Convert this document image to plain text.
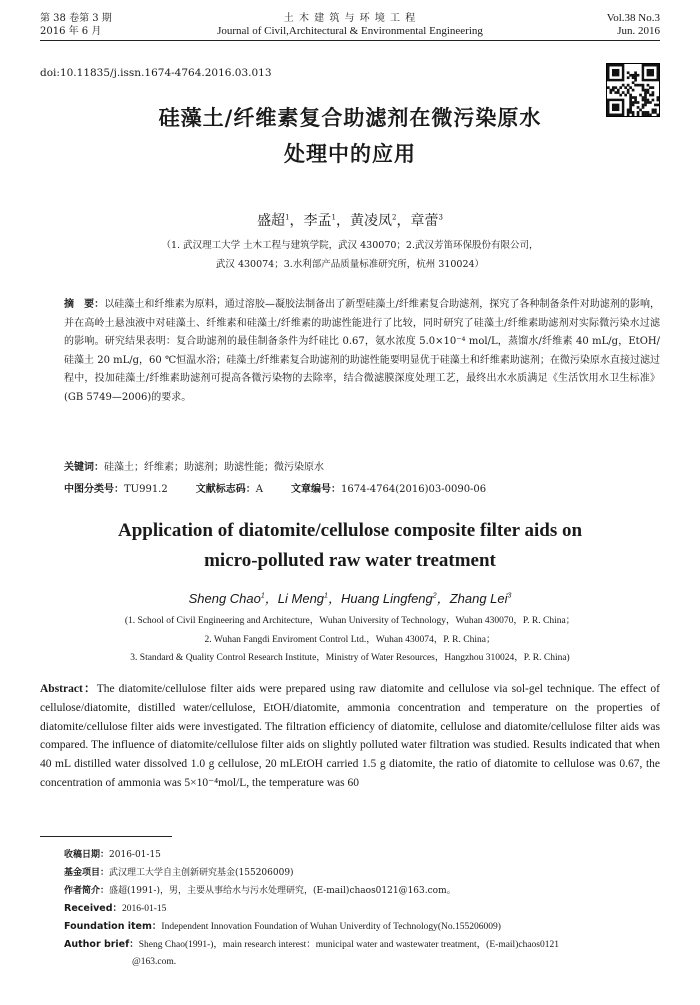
第 38 卷第 3 期
2016 年 6 月
土 木 建 筑 与 环 境 工 程
Journal of Civil,Architectural & Environmental Engineering
Vol.38 No.3
Jun. 2016
doi:10.11835/j.issn.1674-4764.2016.03.013
硅藻土/纤维素复合助滤剂在微污染原水
处理中的应用
盛超$^1$，李孟$^1$，黄凌凤$^2$，章蕾$^3$
（1. 武汉理工大学 土木工程与建筑学院，武汉 430070；2.武汉芳笛环保股份有限公司，
武汉 430074；3.水利部产品质量标准研究所，杭州 310024）
摘　要：以硅藻土和纤维素为原料，通过溶胶—凝胶法制备出了新型硅藻土/纤维素复合助滤剂，探究了各种制备条件对助滤剂的影响，并在高岭土悬浊液中对硅藻土、纤维素和硅藻土/纤维素的助滤性能进行了比较，同时研究了硅藻土/纤维素助滤剂对实际微污染水过滤的影响。研究结果表明：复合助滤剂的最佳制备条件为纤硅比 0.67，氨水浓度 5.0×10⁻⁴ mol/L，蒸馏水/纤维素 40 mL/g，EtOH/硅藻土 20 mL/g，60 ℃恒温水浴；硅藻土/纤维素复合助滤剂的助滤性能要明显优于硅藻土和纤维素助滤剂；在微污染原水直接过滤过程中，投加硅藻土/纤维素助滤剂可提高各微污染物的去除率，结合微滤膜深度处理工艺，最终出水水质满足《生活饮用水卫生标准》(GB 5749—2006)的要求。
关键词：硅藻土；纤维素；助滤剂；助滤性能；微污染原水
中图分类号：TU991.2	文献标志码：A	文章编号：1674-4764(2016)03-0090-06
Application of diatomite/cellulose composite filter aids on
micro-polluted raw water treatment
Sheng Chao$^1$，Li Meng$^1$，Huang Lingfeng$^2$，Zhang Lei$^3$
(1. School of Civil Engineering and Architecture，Wuhan University of Technology，Wuhan 430070，P. R. China；
2. Wuhan Fangdi Enviroment Control Ltd.，Wuhan 430074，P. R. China；
3. Standard & Quality Control Research Institute，Ministry of Water Resources，Hangzhou 310024，P. R. China)
Abstract：The diatomite/cellulose filter aids were prepared using raw diatomite and cellulose via sol-gel technique. The effect of cellulose/diatomite, distilled water/cellulose, EtOH/diatomite, ammonia concentration and temperature on the properties of diatomite/cellulose filter aids were investigated. The filtration efficiency of diatomite, cellulose and diatomite/cellulose filter aids was compared. The influence of diatomite/cellulose filter aids on slightly polluted water filtration was studied. Results indicated that when 40 mL distilled water dissolved 1.0 g cellulose, 20 mLEtOH carried 1.5 g diatomite, the ratio of diatomite to cellulose was 0.67, the concentration of ammonia was 5×10⁻⁴mol/L, the temperature was 60
收稿日期：2016-01-15
基金项目：武汉理工大学自主创新研究基金(155206009)
作者简介：盛超(1991-)，男，主要从事给水与污水处理研究，(E-mail)chaos0121@163.com。
Received：2016-01-15
Foundation item：Independent Innovation Foundation of Wuhan Univerdity of Technology(No.155206009)
Author brief：Sheng Chao(1991-)，main research interest：municipal water and wastewater treatment，(E-mail)chaos0121
@163.com.
